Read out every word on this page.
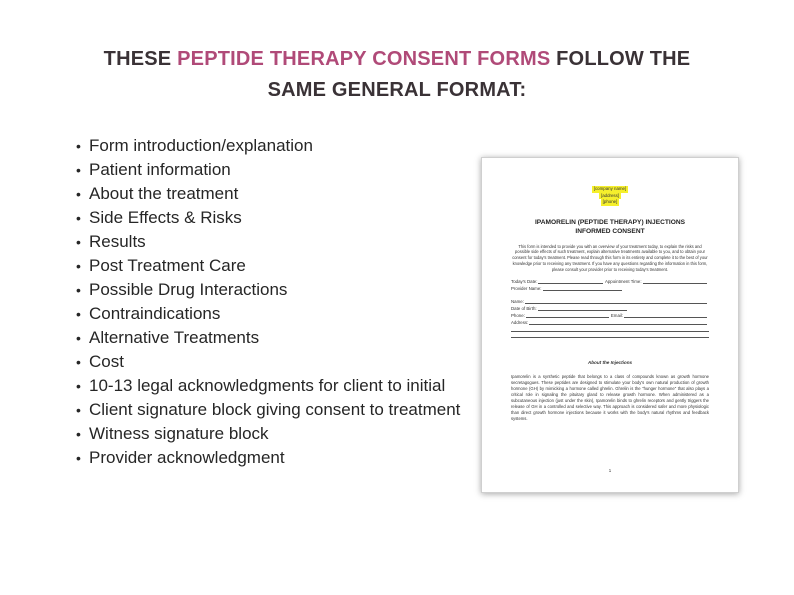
THESE PEPTIDE THERAPY CONSENT FORMS FOLLOW THE
SAME GENERAL FORMAT:
• Form introduction/explanation
• Patient information
• About the treatment
• Side Effects & Risks
• Results
• Post Treatment Care
• Possible Drug Interactions
• Contraindications
• Alternative Treatments
• Cost
• 10-13 legal acknowledgments for client to initial
• Client signature block giving consent to treatment
• Witness signature block
• Provider acknowledgment
[company name]
[address]
[phone]
IPAMORELIN (PEPTIDE THERAPY) INJECTIONS
INFORMED CONSENT
This form is intended to provide you with an overview of your treatment today, to explain the risks and possible side effects of such treatment, explain alternative treatments available to you, and to obtain your consent for today's treatment. Please read through this form in its entirety and complete it to the best of your knowledge prior to receiving any treatment. If you have any questions regarding the information in this form, please consult your provider prior to receiving today's treatment.
Today's Date:	Appointment Time:
Provider Name:
Name:
Date of Birth:
Phone:	Email:
Address:
About the Injections
Ipamorelin is a synthetic peptide that belongs to a class of compounds known as growth hormone secretagogues. These peptides are designed to stimulate your body's own natural production of growth hormone (GH) by mimicking a hormone called ghrelin. Ghrelin is the "hunger hormone" that also plays a critical role in signaling the pituitary gland to release growth hormone. When administered as a subcutaneous injection (just under the skin), Ipamorelin binds to ghrelin receptors and gently triggers the release of GH in a controlled and selective way. This approach is considered safer and more physiologic than direct growth hormone injections because it works with the body's natural rhythms and feedback systems.
1
